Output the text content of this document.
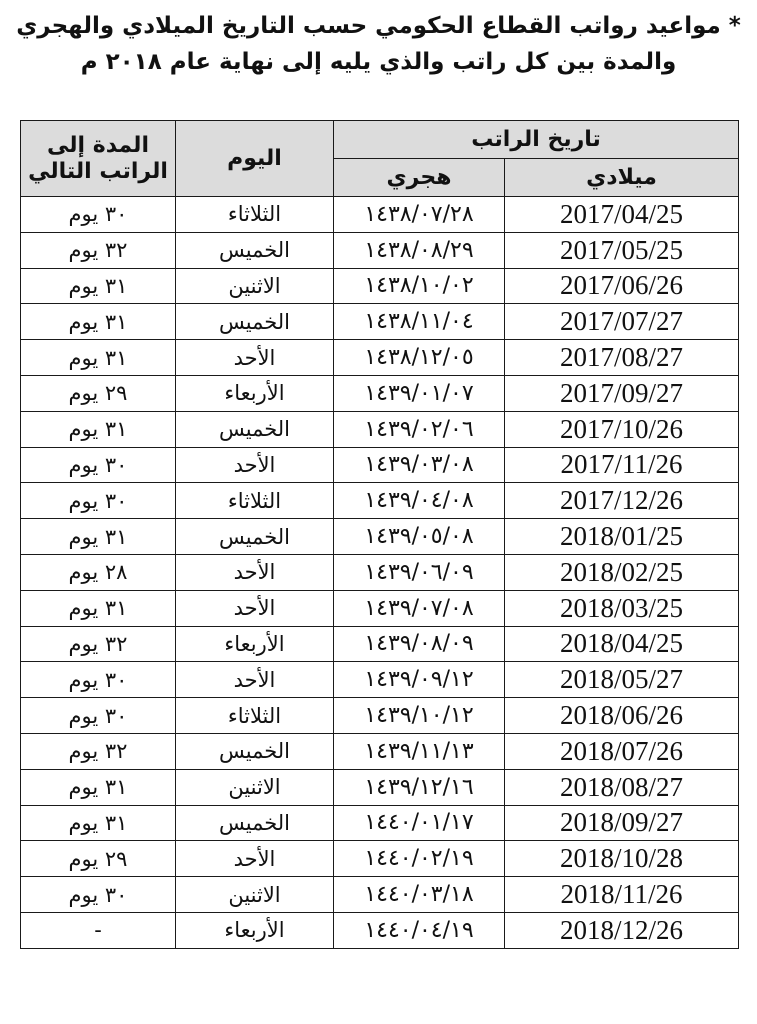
* مواعيد رواتب القطاع الحكومي حسب التاريخ الميلادي والهجري
والمدة بين كل راتب والذي يليه إلى نهاية عام ٢٠١٨ م
المدة إلى الراتب التالي	اليوم	تاريخ الراتب	
		هجري	ميلادي
٣٠ يوم	الثلاثاء	١٤٣٨/٠٧/٢٨	2017/04/25
٣٢ يوم	الخميس	١٤٣٨/٠٨/٢٩	2017/05/25
٣١ يوم	الاثنين	١٤٣٨/١٠/٠٢	2017/06/26
٣١ يوم	الخميس	١٤٣٨/١١/٠٤	2017/07/27
٣١ يوم	الأحد	١٤٣٨/١٢/٠٥	2017/08/27
٢٩ يوم	الأربعاء	١٤٣٩/٠١/٠٧	2017/09/27
٣١ يوم	الخميس	١٤٣٩/٠٢/٠٦	2017/10/26
٣٠ يوم	الأحد	١٤٣٩/٠٣/٠٨	2017/11/26
٣٠ يوم	الثلاثاء	١٤٣٩/٠٤/٠٨	2017/12/26
٣١ يوم	الخميس	١٤٣٩/٠٥/٠٨	2018/01/25
٢٨ يوم	الأحد	١٤٣٩/٠٦/٠٩	2018/02/25
٣١ يوم	الأحد	١٤٣٩/٠٧/٠٨	2018/03/25
٣٢ يوم	الأربعاء	١٤٣٩/٠٨/٠٩	2018/04/25
٣٠ يوم	الأحد	١٤٣٩/٠٩/١٢	2018/05/27
٣٠ يوم	الثلاثاء	١٤٣٩/١٠/١٢	2018/06/26
٣٢ يوم	الخميس	١٤٣٩/١١/١٣	2018/07/26
٣١ يوم	الاثنين	١٤٣٩/١٢/١٦	2018/08/27
٣١ يوم	الخميس	١٤٤٠/٠١/١٧	2018/09/27
٢٩ يوم	الأحد	١٤٤٠/٠٢/١٩	2018/10/28
٣٠ يوم	الاثنين	١٤٤٠/٠٣/١٨	2018/11/26
-	الأربعاء	١٤٤٠/٠٤/١٩	2018/12/26
